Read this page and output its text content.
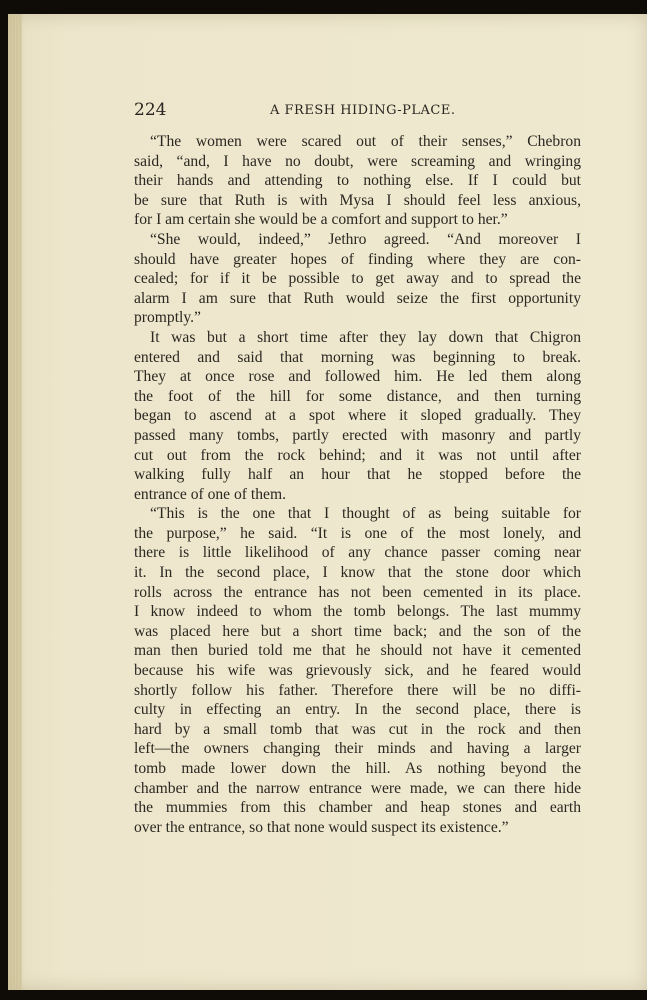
224	A FRESH HIDING-PLACE.
“The women were scared out of their senses,” Chebron
said, “and, I have no doubt, were screaming and wringing
their hands and attending to nothing else. If I could but
be sure that Ruth is with Mysa I should feel less anxious,
for I am certain she would be a comfort and support to her.”
“She would, indeed,” Jethro agreed. “And moreover I
should have greater hopes of finding where they are con-
cealed; for if it be possible to get away and to spread the
alarm I am sure that Ruth would seize the first opportunity
promptly.”
It was but a short time after they lay down that Chigron
entered and said that morning was beginning to break.
They at once rose and followed him. He led them along
the foot of the hill for some distance, and then turning
began to ascend at a spot where it sloped gradually. They
passed many tombs, partly erected with masonry and partly
cut out from the rock behind; and it was not until after
walking fully half an hour that he stopped before the
entrance of one of them.
“This is the one that I thought of as being suitable for
the purpose,” he said. “It is one of the most lonely, and
there is little likelihood of any chance passer coming near
it. In the second place, I know that the stone door which
rolls across the entrance has not been cemented in its place.
I know indeed to whom the tomb belongs. The last mummy
was placed here but a short time back; and the son of the
man then buried told me that he should not have it cemented
because his wife was grievously sick, and he feared would
shortly follow his father. Therefore there will be no diffi-
culty in effecting an entry. In the second place, there is
hard by a small tomb that was cut in the rock and then
left—the owners changing their minds and having a larger
tomb made lower down the hill. As nothing beyond the
chamber and the narrow entrance were made, we can there hide
the mummies from this chamber and heap stones and earth
over the entrance, so that none would suspect its existence.”
